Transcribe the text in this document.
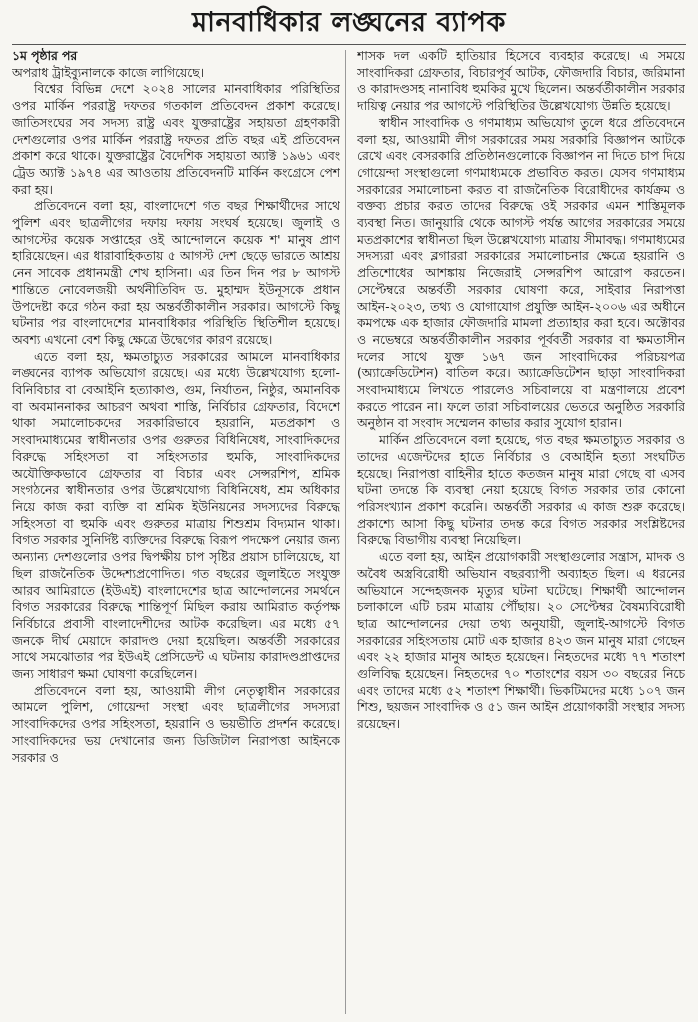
মানবাধিকার লঙ্ঘনের ব্যাপক
১ম পৃষ্ঠার পর

অপরাধ ট্রাইব্যুনালকে কাজে লাগিয়েছে।

বিশ্বের বিভিন্ন দেশে ২০২৪ সালের মানবাধিকার পরিস্থিতির ওপর মার্কিন পররাষ্ট্র দফতর গতকাল প্রতিবেদন প্রকাশ করেছে। জাতিসংঘের সব সদস্য রাষ্ট্র এবং যুক্তরাষ্ট্রের সহায়তা গ্রহণকারী দেশগুলোর ওপর মার্কিন পররাষ্ট্র দফতর প্রতি বছর এই প্রতিবেদন প্রকাশ করে থাকে। যুক্তরাষ্ট্রের বৈদেশিক সহায়তা অ্যাক্ট ১৯৬১ এবং ট্রেড অ্যাক্ট ১৯৭৪ এর আওতায় প্রতিবেদনটি মার্কিন কংগ্রেসে পেশ করা হয়।

প্রতিবেদনে বলা হয়, বাংলাদেশে গত বছর শিক্ষার্থীদের সাথে পুলিশ এবং ছাত্রলীগের দফায় দফায় সংঘর্ষ হয়েছে। জুলাই ও আগস্টের কয়েক সপ্তাহের ওই আন্দোলনে কয়েক শ' মানুষ প্রাণ হারিয়েছেন। এর ধারাবাহিকতায় ৫ আগস্ট দেশ ছেড়ে ভারতে আশ্রয় নেন সাবেক প্রধানমন্ত্রী শেখ হাসিনা। এর তিন দিন পর ৮ আগস্ট শান্তিতে নোবেলজয়ী অর্থনীতিবিদ ড. মুহাম্মদ ইউনূসকে প্রধান উপদেষ্টা করে গঠন করা হয় অন্তর্বর্তীকালীন সরকার। আগস্টে কিছু ঘটনার পর বাংলাদেশের মানবাধিকার পরিস্থিতি স্থিতিশীল হয়েছে। অবশ্য এখনো বেশ কিছু ক্ষেত্রে উদ্বেগের কারণ রয়েছে।

এতে বলা হয়, ক্ষমতাচ্যুত সরকারের আমলে মানবাধিকার লঙ্ঘনের ব্যাপক অভিযোগ রয়েছে। এর মধ্যে উল্লেখযোগ্য হলো- বিনিবিচার বা বেআইনি হত্যাকাণ্ড, গুম, নির্যাতন, নিষ্ঠুর, অমানবিক বা অবমাননাকর আচরণ অথবা শাস্তি, নির্বিচার গ্রেফতার, বিদেশে থাকা সমালোচকদের সরকারিভাবে হয়রানি, মতপ্রকাশ ও সংবাদমাধ্যমের স্বাধীনতার ওপর গুরুতর বিধিনিষেধ, সাংবাদিকদের বিরুদ্ধে সহিংসতা বা সহিংসতার হুমকি, সাংবাদিকদের অযৌক্তিকভাবে গ্রেফতার বা বিচার এবং সেন্সরশিপ, শ্রমিক সংগঠনের স্বাধীনতার ওপর উল্লেখযোগ্য বিধিনিষেধ, শ্রম অধিকার নিয়ে কাজ করা ব্যক্তি বা শ্রমিক ইউনিয়নের সদস্যদের বিরুদ্ধে সহিংসতা বা হুমকি এবং গুরুতর মাত্রায় শিশুশ্রম বিদ্যমান থাকা। বিগত সরকার সুনির্দিষ্ট ব্যক্তিদের বিরুদ্ধে বিরূপ পদক্ষেপ নেয়ার জন্য অন্যান্য দেশগুলোর ওপর দ্বিপক্ষীয় চাপ সৃষ্টির প্রয়াস চালিয়েছে, যা ছিল রাজনৈতিক উদ্দেশ্যপ্রণোদিত। গত বছরের জুলাইতে সংযুক্ত আরব আমিরাতে (ইউএই) বাংলাদেশের ছাত্র আন্দোলনের সমর্থনে বিগত সরকারের বিরুদ্ধে শান্তিপূর্ণ মিছিল করায় আমিরাত কর্তৃপক্ষ নির্বিচারে প্রবাসী বাংলাদেশীদের আটক করেছিল। এর মধ্যে ৫৭ জনকে দীর্ঘ মেয়াদে কারাদণ্ড দেয়া হয়েছিল। অন্তর্বর্তী সরকারের সাথে সমঝোতার পর ইউএই প্রেসিডেন্ট এ ঘটনায় কারাদণ্ডপ্রাপ্তদের জন্য সাধারণ ক্ষমা ঘোষণা করেছিলেন।

প্রতিবেদনে বলা হয়, আওয়ামী লীগ নেতৃত্বাধীন সরকারের আমলে পুলিশ, গোয়েন্দা সংস্থা এবং ছাত্রলীগের সদস্যরা সাংবাদিকদের ওপর সহিংসতা, হয়রানি ও ভয়ভীতি প্রদর্শন করেছে। সাংবাদিকদের ভয় দেখানোর জন্য ডিজিটাল নিরাপত্তা আইনকে সরকার ও

শাসক দল একটি হাতিয়ার হিসেবে ব্যবহার করেছে। এ সময়ে সাংবাদিকরা গ্রেফতার, বিচারপূর্ব আটক, ফৌজদারি বিচার, জরিমানা ও কারাদণ্ডসহ নানাবিধ হুমকির মুখে ছিলেন। অন্তর্বর্তীকালীন সরকার দায়িত্ব নেয়ার পর আগস্টে পরিস্থিতির উল্লেখযোগ্য উন্নতি হয়েছে।

স্বাধীন সাংবাদিক ও গণমাধ্যম অভিযোগ তুলে ধরে প্রতিবেদনে বলা হয়, আওয়ামী লীগ সরকারের সময় সরকারি বিজ্ঞাপন আটকে রেখে এবং বেসরকারি প্রতিষ্ঠানগুলোকে বিজ্ঞাপন না দিতে চাপ দিয়ে গোয়েন্দা সংস্থাগুলো গণমাধ্যমকে প্রভাবিত করত। যেসব গণমাধ্যম সরকারের সমালোচনা করত বা রাজনৈতিক বিরোধীদের কার্যক্রম ও বক্তব্য প্রচার করত তাদের বিরুদ্ধে ওই সরকার এমন শাস্তিমূলক ব্যবস্থা নিত। জানুয়ারি থেকে আগস্ট পর্যন্ত আগের সরকারের সময়ে মতপ্রকাশের স্বাধীনতা ছিল উল্লেখযোগ্য মাত্রায় সীমাবদ্ধ। গণমাধ্যমের সদস্যরা এবং ব্লগাররা সরকারের সমালোচনার ক্ষেত্রে হয়রানি ও প্রতিশোধের আশঙ্কায় নিজেরাই সেন্সরশিপ আরোপ করতেন। সেপ্টেম্বরে অন্তর্বর্তী সরকার ঘোষণা করে, সাইবার নিরাপত্তা আইন-২০২৩, তথ্য ও যোগাযোগ প্রযুক্তি আইন-২০০৬ এর অধীনে কমপক্ষে এক হাজার ফৌজদারি মামলা প্রত্যাহার করা হবে। অক্টোবর ও নভেম্বরে অন্তর্বর্তীকালীন সরকার পূর্ববর্তী সরকার বা ক্ষমতাসীন দলের সাথে যুক্ত ১৬৭ জন সাংবাদিকের পরিচয়পত্র (অ্যাক্রেডিটেশন) বাতিল করে। অ্যাক্রেডিটেশন ছাড়া সাংবাদিকরা সংবাদমাধ্যমে লিখতে পারলেও সচিবালয়ে বা মন্ত্রণালয়ে প্রবেশ করতে পারেন না। ফলে তারা সচিবালয়ের ভেতরে অনুষ্ঠিত সরকারি অনুষ্ঠান বা সংবাদ সম্মেলন কাভার করার সুযোগ হারান।

মার্কিন প্রতিবেদনে বলা হয়েছে, গত বছর ক্ষমতাচ্যুত সরকার ও তাদের এজেন্টদের হাতে নির্বিচার ও বেআইনি হত্যা সংঘটিত হয়েছে। নিরাপত্তা বাহিনীর হাতে কতজন মানুষ মারা গেছে বা এসব ঘটনা তদন্তে কি ব্যবস্থা নেয়া হয়েছে বিগত সরকার তার কোনো পরিসংখ্যান প্রকাশ করেনি। অন্তর্বর্তী সরকার এ কাজ শুরু করেছে। প্রকাশ্যে আসা কিছু ঘটনার তদন্ত করে বিগত সরকার সংশ্লিষ্টদের বিরুদ্ধে বিভাগীয় ব্যবস্থা নিয়েছিল।

এতে বলা হয়, আইন প্রয়োগকারী সংস্থাগুলোর সন্ত্রাস, মাদক ও অবৈধ অস্ত্রবিরোধী অভিযান বছরব্যাপী অব্যাহত ছিল। এ ধরনের অভিযানে সন্দেহজনক মৃত্যুর ঘটনা ঘটেছে। শিক্ষার্থী আন্দোলন চলাকালে এটি চরম মাত্রায় পৌঁছায়। ২০ সেপ্টেম্বর বৈষম্যবিরোধী ছাত্র আন্দোলনের দেয়া তথ্য অনুযায়ী, জুলাই-আগস্টে বিগত সরকারের সহিংসতায় মোট এক হাজার ৪২৩ জন মানুষ মারা গেছেন এবং ২২ হাজার মানুষ আহত হয়েছেন। নিহতদের মধ্যে ৭৭ শতাংশ গুলিবিদ্ধ হয়েছেন। নিহতদের ৭০ শতাংশের বয়স ৩০ বছরের নিচে এবং তাদের মধ্যে ৫২ শতাংশ শিক্ষার্থী। ভিকটিমদের মধ্যে ১০৭ জন শিশু, ছয়জন সাংবাদিক ও ৫১ জন আইন প্রয়োগকারী সংস্থার সদস্য রয়েছেন।
